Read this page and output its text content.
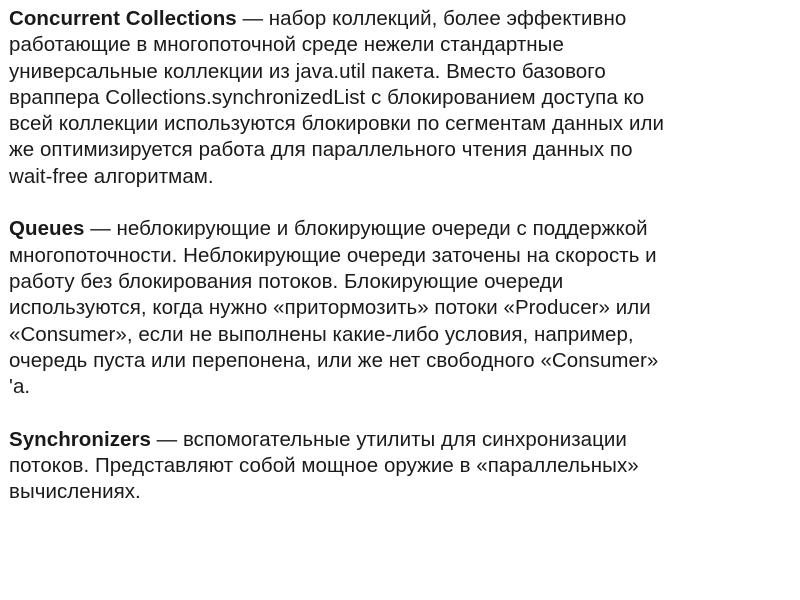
Concurrent Collections — набор коллекций, более эффективно
работающие в многопоточной среде нежели стандартные
универсальные коллекции из java.util пакета. Вместо базового
враппера Collections.synchronizedList с блокированием доступа ко
всей коллекции используются блокировки по сегментам данных или
же оптимизируется работа для параллельного чтения данных по
wait-free алгоритмам.
Queues — неблокирующие и блокирующие очереди с поддержкой
многопоточности. Неблокирующие очереди заточены на скорость и
работу без блокирования потоков. Блокирующие очереди
используются, когда нужно «притормозить» потоки «Producer» или
«Consumer», если не выполнены какие-либо условия, например,
очередь пуста или перепонена, или же нет свободного «Consumer»
'а.
Synchronizers — вспомогательные утилиты для синхронизации
потоков. Представляют собой мощное оружие в «параллельных»
вычислениях.
